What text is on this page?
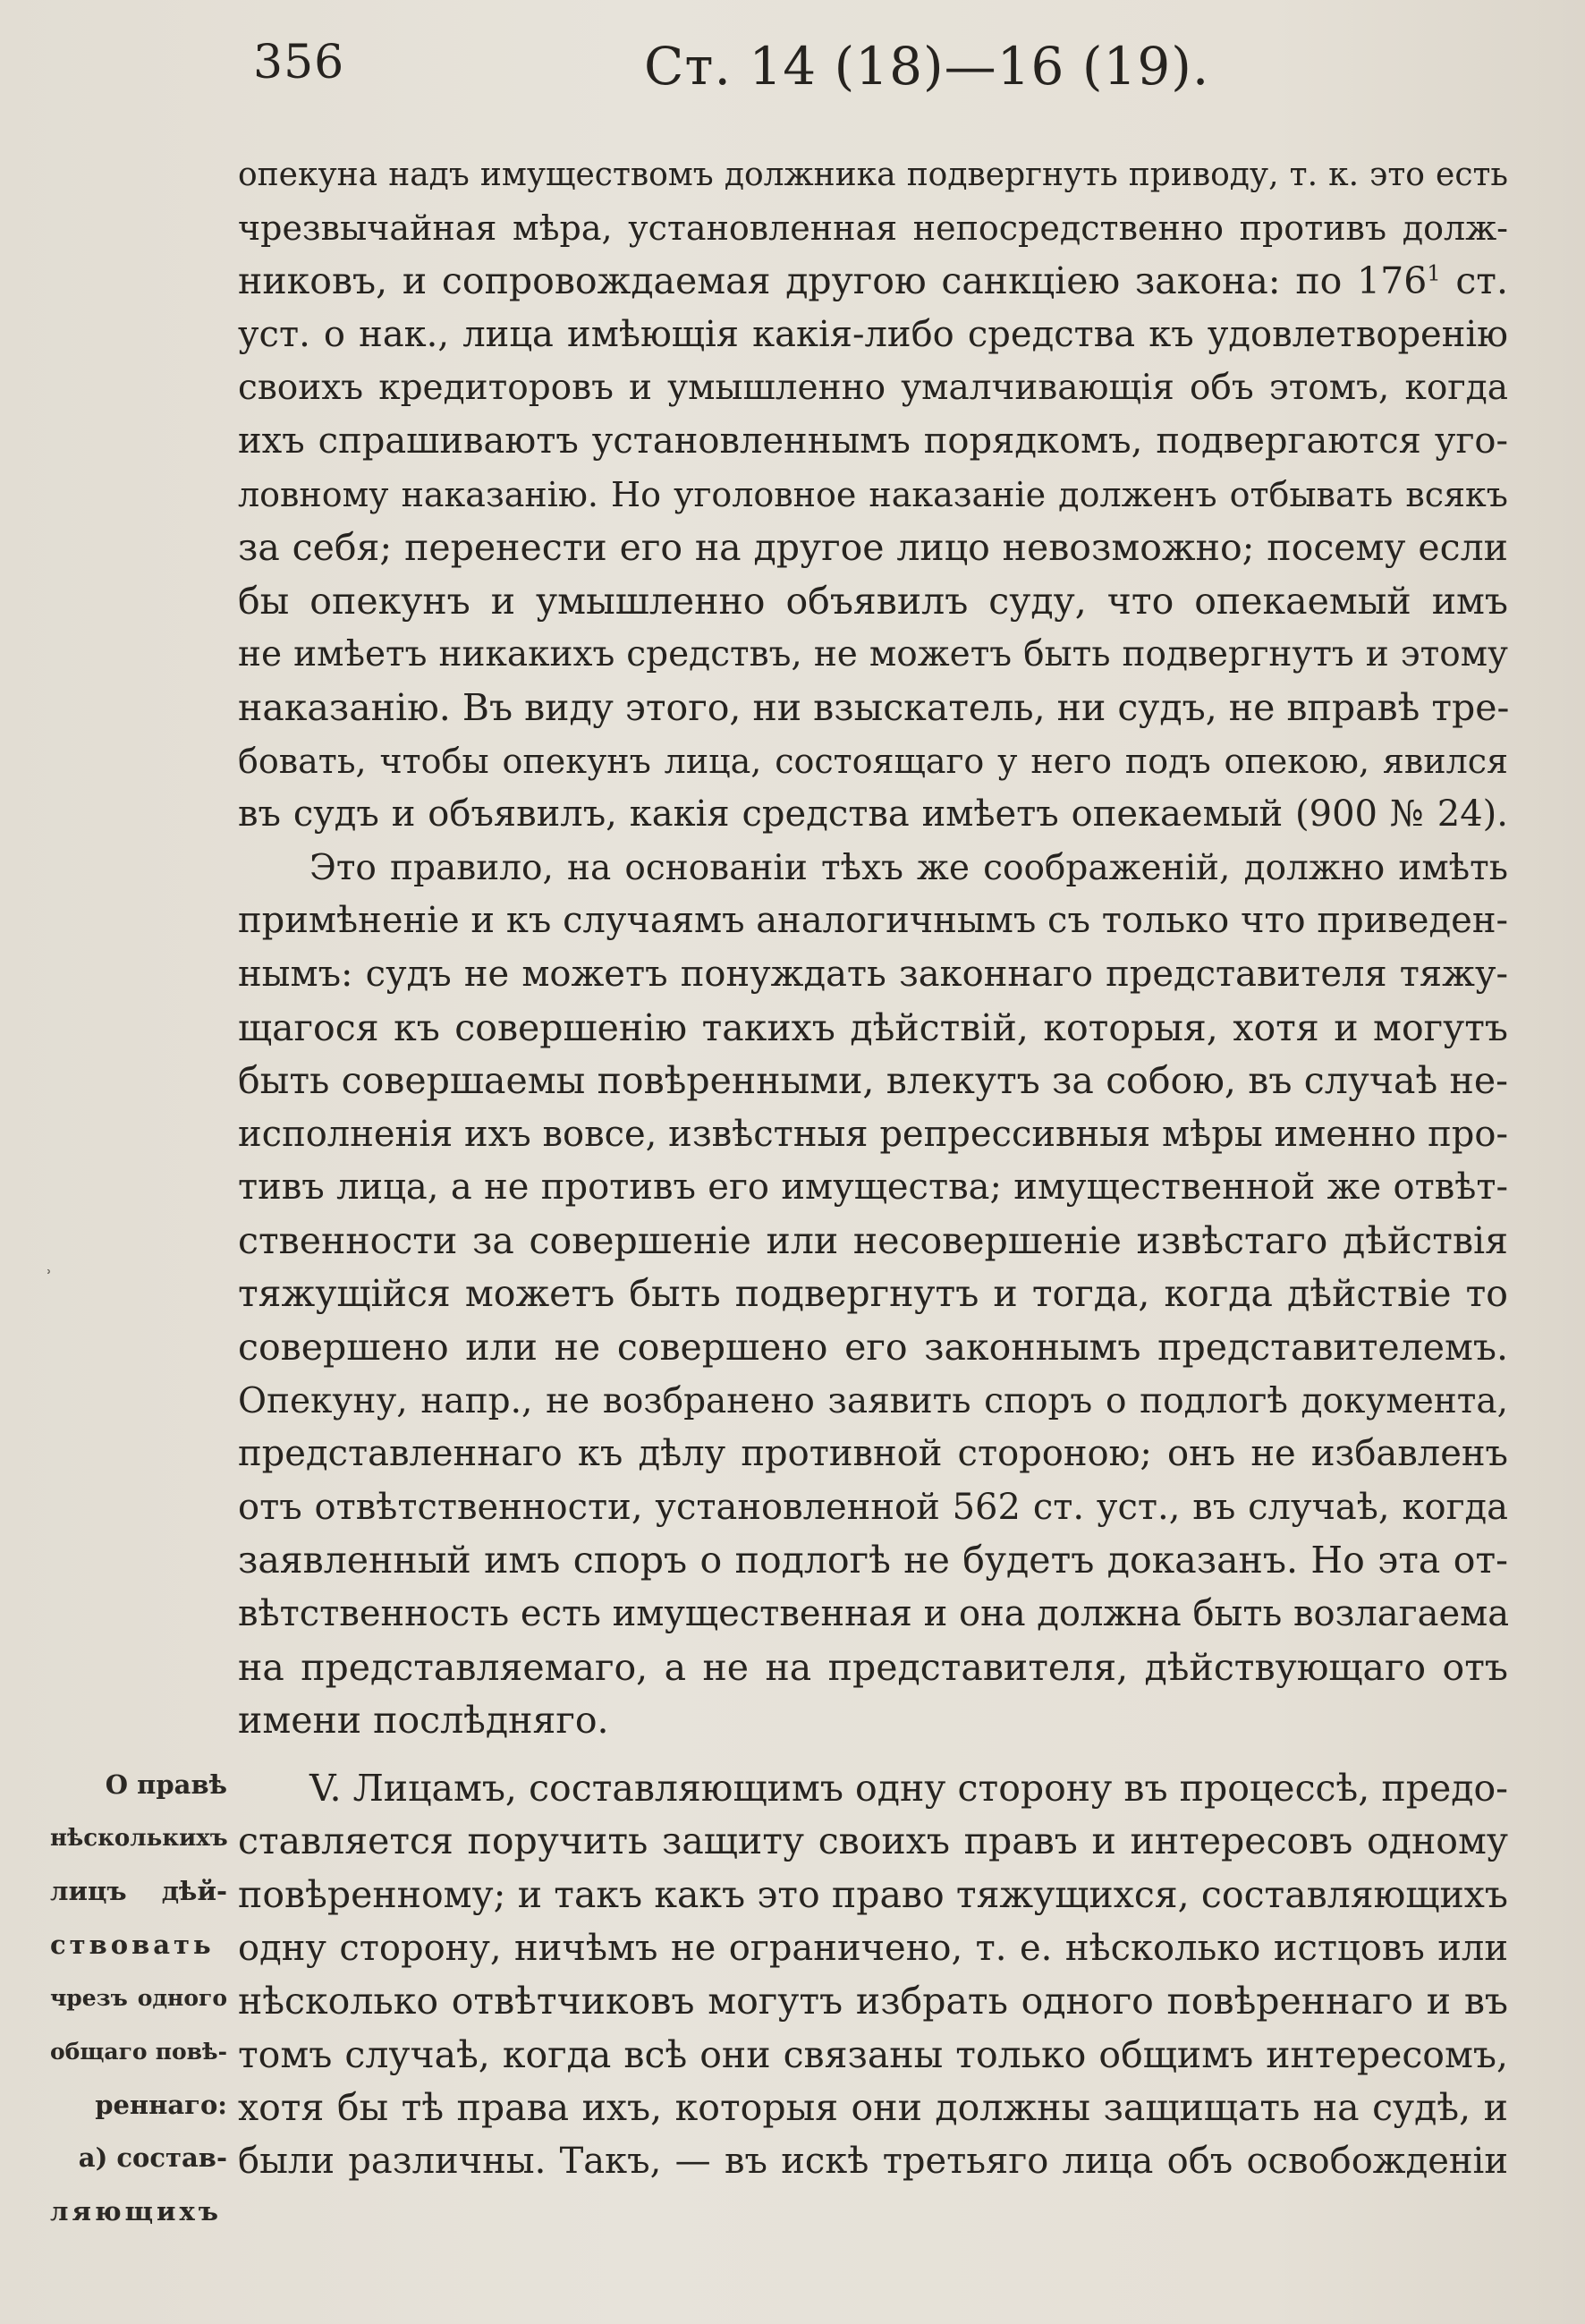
356	Ст. 14 (18)—16 (19).
˒
О правѣ
нѣсколькихъ
лицъ дѣй-
ствовать
чрезъ одного
общаго повѣ-
реннаго:
а) состав-
ляющихъ
опекуна надъ имуществомъ должника подвергнуть приводу, т. к. это есть
чрезвычайная мѣра, установленная непосредственно противъ долж-
никовъ, и сопровождаемая другою санкціею закона: по $176^1$ ст.
уст. о нак., лица имѣющія какія-либо средства къ удовлетворенію
своихъ кредиторовъ и умышленно умалчивающія объ этомъ, когда
ихъ спрашиваютъ установленнымъ порядкомъ, подвергаются уго-
ловному наказанію. Но уголовное наказаніе долженъ отбывать всякъ
за себя; перенести его на другое лицо невозможно; посему если
бы опекунъ и умышленно объявилъ суду, что опекаемый имъ
не имѣетъ никакихъ средствъ, не можетъ быть подвергнутъ и этому
наказанію. Въ виду этого, ни взыскатель, ни судъ, не вправѣ тре-
бовать, чтобы опекунъ лица, состоящаго у него подъ опекою, явился
въ судъ и объявилъ, какія средства имѣетъ опекаемый (900 № 24).
Это правило, на основаніи тѣхъ же соображеній, должно имѣть
примѣненіе и къ случаямъ аналогичнымъ съ только что приведен-
нымъ: судъ не можетъ понуждать законнаго представителя тяжу-
щагося къ совершенію такихъ дѣйствій, которыя, хотя и могутъ
быть совершаемы повѣренными, влекутъ за собою, въ случаѣ не-
исполненія ихъ вовсе, извѣстныя репрессивныя мѣры именно про-
тивъ лица, а не противъ его имущества; имущественной же отвѣт-
ственности за совершеніе или несовершеніе извѣстаго дѣйствія
тяжущійся можетъ быть подвергнутъ и тогда, когда дѣйствіе то
совершено или не совершено его законнымъ представителемъ.
Опекуну, напр., не возбранено заявить споръ о подлогѣ документа,
представленнаго къ дѣлу противной стороною; онъ не избавленъ
отъ отвѣтственности, установленной 562 ст. уст., въ случаѣ, когда
заявленный имъ споръ о подлогѣ не будетъ доказанъ. Но эта от-
вѣтственность есть имущественная и она должна быть возлагаема
на представляемаго, а не на представителя, дѣйствующаго отъ
имени послѣдняго.
V. Лицамъ, составляющимъ одну сторону въ процессѣ, предо-
ставляется поручить защиту своихъ правъ и интересовъ одному
повѣренному; и такъ какъ это право тяжущихся, составляющихъ
одну сторону, ничѣмъ не ограничено, т. е. нѣсколько истцовъ или
нѣсколько отвѣтчиковъ могутъ избрать одного повѣреннаго и въ
томъ случаѣ, когда всѣ они связаны только общимъ интересомъ,
хотя бы тѣ права ихъ, которыя они должны защищать на судѣ, и
были различны. Такъ, — въ искѣ третьяго лица объ освобожденіи
